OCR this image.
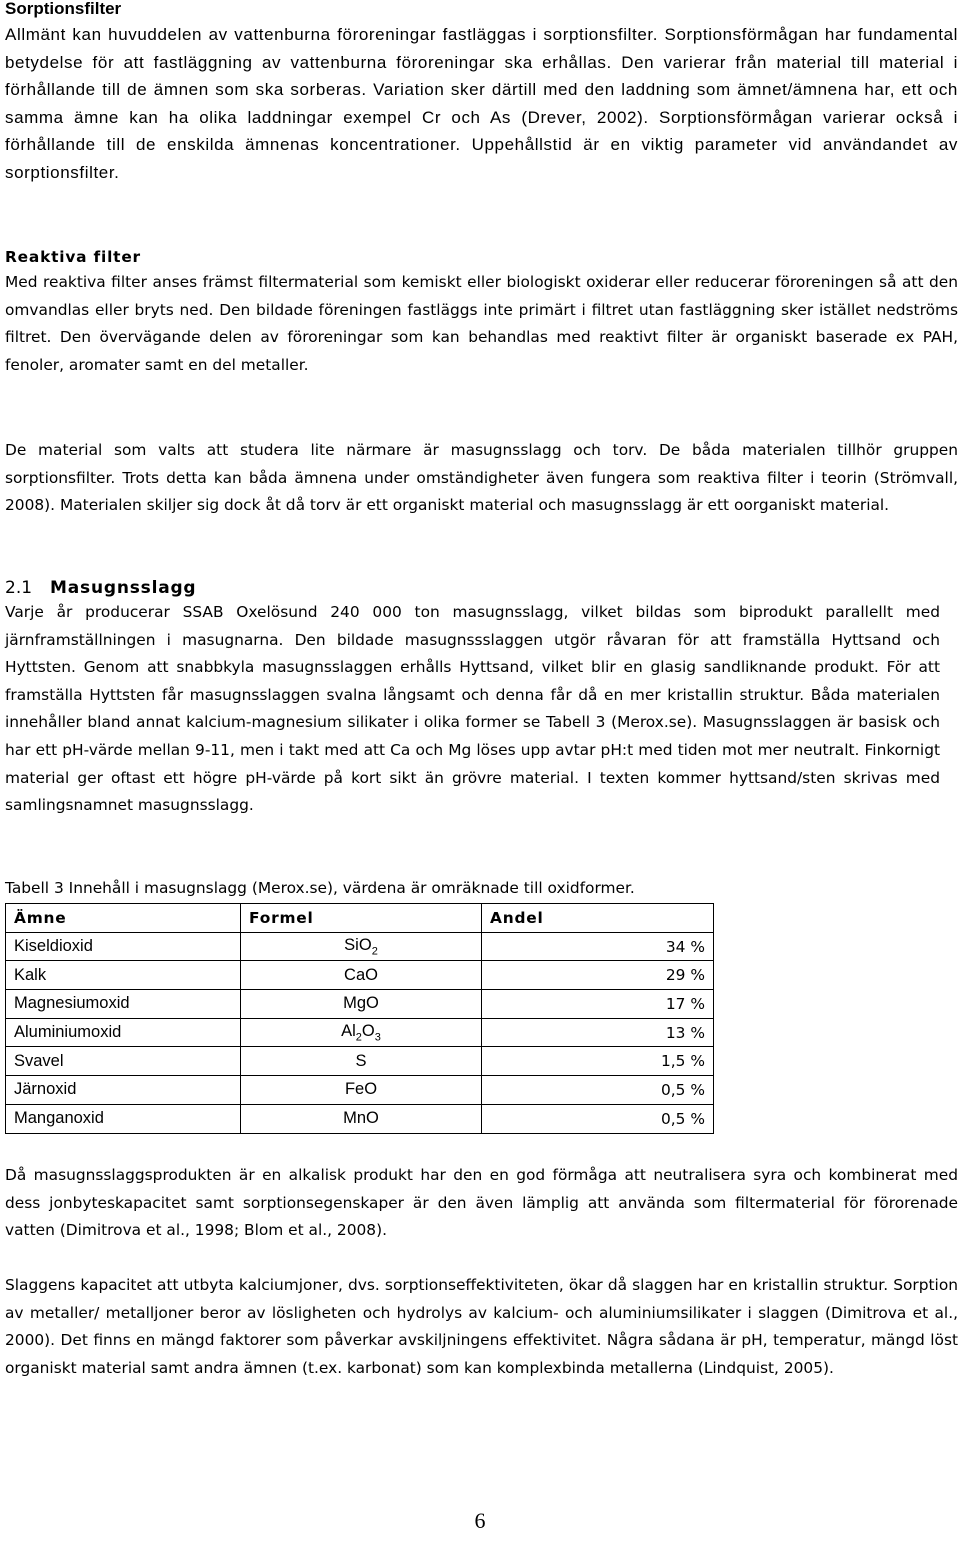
Sorptionsfilter

Allmänt kan huvuddelen av vattenburna föroreningar fastläggas i sorptionsfilter. Sorptionsförmågan har fundamental betydelse för att fastläggning av vattenburna föroreningar ska erhållas. Den varierar från material till material i förhållande till de ämnen som ska sorberas. Variation sker därtill med den laddning som ämnet/ämnena har, ett och samma ämne kan ha olika laddningar exempel Cr och As (Drever, 2002). Sorptionsförmågan varierar också i förhållande till de enskilda ämnenas koncentrationer. Uppehållstid är en viktig parameter vid användandet av sorptionsfilter.

Reaktiva filter

Med reaktiva filter anses främst filtermaterial som kemiskt eller biologiskt oxiderar eller reducerar föroreningen så att den omvandlas eller bryts ned. Den bildade föreningen fastläggs inte primärt i filtret utan fastläggning sker istället nedströms filtret. Den övervägande delen av föroreningar som kan behandlas med reaktivt filter är organiskt baserade ex PAH, fenoler, aromater samt en del metaller.

De material som valts att studera lite närmare är masugnsslagg och torv. De båda materialen tillhör gruppen sorptionsfilter. Trots detta kan båda ämnena under omständigheter även fungera som reaktiva filter i teorin (Strömvall, 2008). Materialen skiljer sig dock åt då torv är ett organiskt material och masugnsslagg är ett oorganiskt material.

2.1 Masugnsslagg

Varje år producerar SSAB Oxelösund 240 000 ton masugnsslagg, vilket bildas som biprodukt parallellt med järnframställningen i masugnarna. Den bildade masugnssslaggen utgör råvaran för att framställa Hyttsand och Hyttsten. Genom att snabbkyla masugnsslaggen erhålls Hyttsand, vilket blir en glasig sandliknande produkt. För att framställa Hyttsten får masugnsslaggen svalna långsamt och denna får då en mer kristallin struktur. Båda materialen innehåller bland annat kalcium-magnesium silikater i olika former se Tabell 3 (Merox.se). Masugnsslaggen är basisk och har ett pH-värde mellan 9-11, men i takt med att Ca och Mg löses upp avtar pH:t med tiden mot mer neutralt. Finkornigt material ger oftast ett högre pH-värde på kort sikt än grövre material. I texten kommer hyttsand/sten skrivas med samlingsnamnet masugnsslagg.

Tabell 3 Innehåll i masugnslagg (Merox.se), värdena är omräknade till oxidformer.

Ämne	Formel	Andel
Kiseldioxid	SiO$_2$	34 %
Kalk	CaO	29 %
Magnesiumoxid	MgO	17 %
Aluminiumoxid	$Al_2O_3$	13 %
Svavel	S	1,5 %
Järnoxid	FeO	0,5 %
Manganoxid	MnO	0,5 %

Då masugnsslaggsprodukten är en alkalisk produkt har den en god förmåga att neutralisera syra och kombinerat med dess jonbyteskapacitet samt sorptionsegenskaper är den även lämplig att använda som filtermaterial för förorenade vatten (Dimitrova et al., 1998; Blom et al., 2008).

Slaggens kapacitet att utbyta kalciumjoner, dvs. sorptionseffektiviteten, ökar då slaggen har en kristallin struktur. Sorption av metaller/ metalljoner beror av lösligheten och hydrolys av kalcium- och aluminiumsilikater i slaggen (Dimitrova et al., 2000). Det finns en mängd faktorer som påverkar avskiljningens effektivitet. Några sådana är pH, temperatur, mängd löst organiskt material samt andra ämnen (t.ex. karbonat) som kan komplexbinda metallerna (Lindquist, 2005).

6
